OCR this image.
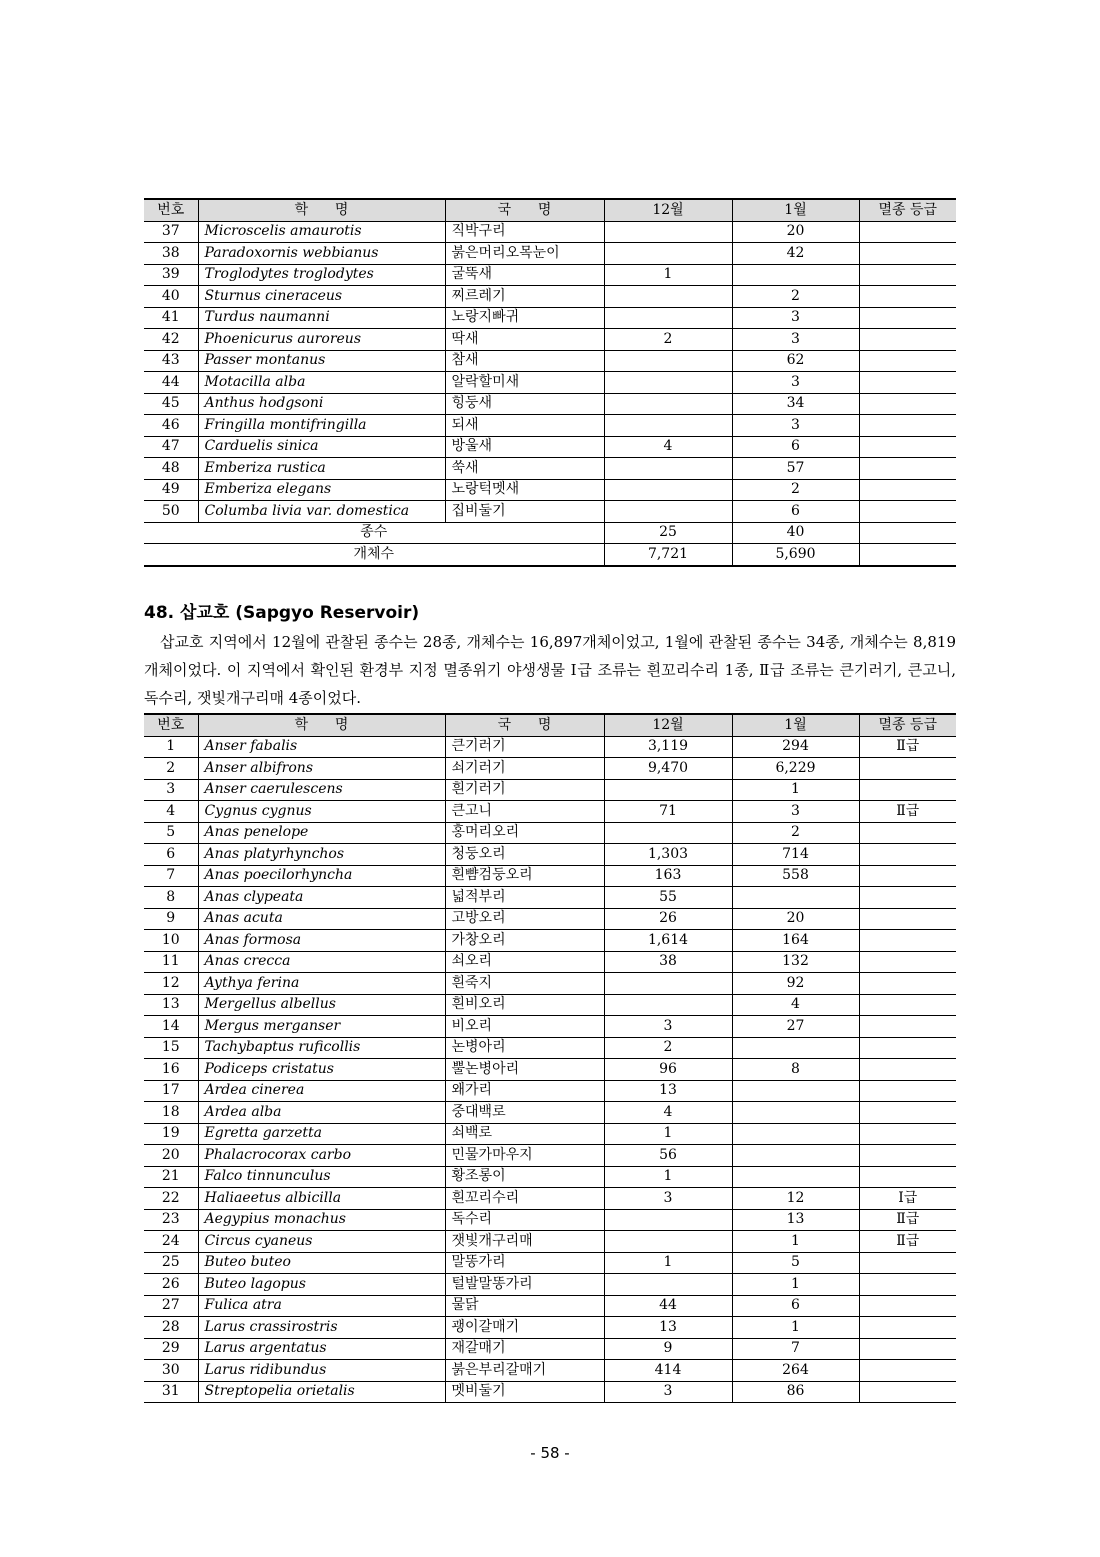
번호	학      명	국      명	12월	1월	멸종 등급
37	Microscelis amaurotis	직박구리		20	
38	Paradoxornis webbianus	붉은머리오목눈이		42	
39	Troglodytes troglodytes	굴뚝새	1		
40	Sturnus cineraceus	찌르레기		2	
41	Turdus naumanni	노랑지빠귀		3	
42	Phoenicurus auroreus	딱새	2	3	
43	Passer montanus	참새		62	
44	Motacilla alba	알락할미새		3	
45	Anthus hodgsoni	힝둥새		34	
46	Fringilla montifringilla	되새		3	
47	Carduelis sinica	방울새	4	6	
48	Emberiza rustica	쑥새		57	
49	Emberiza elegans	노랑턱멧새		2	
50	Columba livia var. domestica	집비둘기		6	
종수			25	40	
개체수			7,721	5,690	
48. 삽교호 (Sapgyo Reservoir)

삽교호 지역에서 12월에 관찰된 종수는 28종, 개체수는 16,897개체이었고, 1월에 관찰된 종수는 34종, 개체수는 8,819개체이었다. 이 지역에서 확인된 환경부 지정 멸종위기 야생생물 Ⅰ급 조류는 흰꼬리수리 1종, Ⅱ급 조류는 큰기러기, 큰고니, 독수리, 잿빛개구리매 4종이었다.

번호	학      명	국      명	12월	1월	멸종 등급
1	Anser fabalis	큰기러기	3,119	294	Ⅱ급
2	Anser albifrons	쇠기러기	9,470	6,229	
3	Anser caerulescens	흰기러기		1	
4	Cygnus cygnus	큰고니	71	3	Ⅱ급
5	Anas penelope	홍머리오리		2	
6	Anas platyrhynchos	청둥오리	1,303	714	
7	Anas poecilorhyncha	흰뺨검둥오리	163	558	
8	Anas clypeata	넓적부리	55		
9	Anas acuta	고방오리	26	20	
10	Anas formosa	가창오리	1,614	164	
11	Anas crecca	쇠오리	38	132	
12	Aythya ferina	흰죽지		92	
13	Mergellus albellus	흰비오리		4	
14	Mergus merganser	비오리	3	27	
15	Tachybaptus ruficollis	논병아리	2		
16	Podiceps cristatus	뿔논병아리	96	8	
17	Ardea cinerea	왜가리	13		
18	Ardea alba	중대백로	4		
19	Egretta garzetta	쇠백로	1		
20	Phalacrocorax carbo	민물가마우지	56		
21	Falco tinnunculus	황조롱이	1		
22	Haliaeetus albicilla	흰꼬리수리	3	12	Ⅰ급
23	Aegypius monachus	독수리		13	Ⅱ급
24	Circus cyaneus	잿빛개구리매		1	Ⅱ급
25	Buteo buteo	말똥가리	1	5	
26	Buteo lagopus	털발말똥가리		1	
27	Fulica atra	물닭	44	6	
28	Larus crassirostris	괭이갈매기	13	1	
29	Larus argentatus	재갈매기	9	7	
30	Larus ridibundus	붉은부리갈매기	414	264	
31	Streptopelia orietalis	멧비둘기	3	86	
- 58 -
